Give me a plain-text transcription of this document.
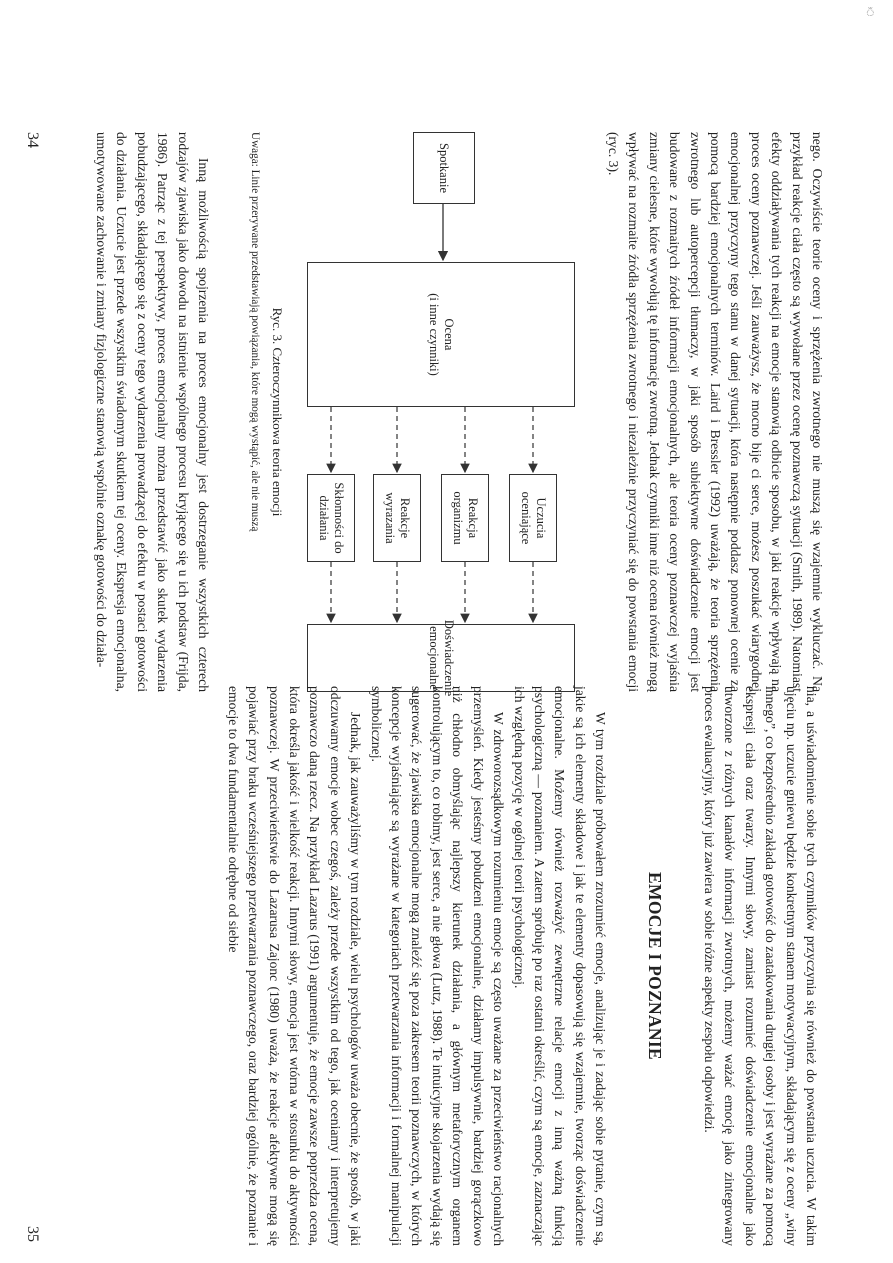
ঁ

nego. Oczywiście teorie oceny i sprzężenia zwrotnego nie muszą się wzajemnie wykluczać. Na przykład reakcje ciała często są wywołane przez ocenę poznawczą sytuacji (Smith, 1989). Natomiast efekty oddziaływania tych reakcji na emocje stanowią odbicie sposobu, w jaki reakcje wpływają na proces oceny poznawczej. Jeśli zauważysz, że mocno bije ci serce, możesz poszukać wiarygodnej emocjonalnej przyczyny tego stanu w danej sytuacji, która następnie poddasz ponownej ocenie za pomocą bardziej emocjonalnych terminów. Laird i Bressler (1992) uważają, że teoria sprzężenia zwrotnego lub autopercepcji tłumaczy, w jaki sposób subiektywne doświadczenie emocji jest budowane z rozmaitych źródeł informacji emocjonalnych, ale teoria oceny poznawczej wyjaśnia zmiany cielesne, które wywołują tę informację zwrotną. Jednak czynniki inne niż ocena również mogą wpływać na rozmaite źródła sprzężenia zwrotnego i niezależnie przyczyniać się do powstania emocji (ryc. 3).

Spotkanie
Ocena
(i inne czynniki)
Uczucia
oceniające
Reakcja
organizmu
Reakcje
wyrazania
Skłonności do
działania
Doświadczenie
emocjonalne
Ryc. 3. Czteroczynnikowa teoria emocji
Uwaga: Linie przerywane przedstawiają powiązania, które mogą wystąpić, ale nie muszą

Inną możliwością spojrzenia na proces emocjonalny jest dostrzeganie wszystkich czterech rodzajów zjawiska jako dowodu na istnienie wspólnego procesu kryjącego się u ich podstaw (Frijda, 1986). Patrząc z tej perspektywy, proces emocjonalny można przedstawić jako skutek wydarzenia pobudzającego, składającego się z oceny tego wydarzenia prowadzącej do efektu w postaci gotowości do działania. Uczucie jest przede wszystkim świadomym skutkiem tej oceny. Ekspresja emocjonalna, umotywowane zachowanie i zmiany fizjologiczne stanowią wspólnie oznakę gotowości do działa-

34

nia, a uświadomienie sobie tych czynników przyczynia się również do powstania uczucia. W takim ujęciu np. uczucie gniewu będzie konkretnym stanem motywacyjnym, składającym się z oceny „winy innego”, co bezpośrednio zakłada gotowość do zaatakowania drugiej osoby i jest wyrażane za pomocą ekspresji ciała oraz twarzy. Innymi słowy, zamiast rozumieć doświadczenie emocjonalne jako utworzone z różnych kanałów informacji zwrotnych, możemy ważać emocję jako zintegrowany proces ewaluacyjny, który już zawiera w sobie różne aspekty zespołu odpowiedzi.

EMOCJE I POZNANIE

W tym rozdziale próbowałem zrozumieć emocje, analizując je i zadając sobie pytanie, czym są, jakie są ich elementy składowe i jak te elementy dopasowują się wzajemnie, tworząc doświadczenie emocjonalne. Możemy również rozważyć zewnętrzne relacje emocji z inną ważną funkcją psychologiczną — poznaniem. A zatem spróbuję po raz ostatni określić, czym są emocje, zaznaczając ich względną pozycję w ogólnej teorii psychologicznej.

W zdroworozsądkowym rozumieniu emocje są często uważane za przeciwieństwo racjonalnych przemyśleń. Kiedy jesteśmy pobudzeni emocjonalnie, działamy impulsywnie, bardziej gorączkowo niż chłodno obmyślając najlepszy kierunek działania, a głównym metaforycznym organem kontrolującym to, co robimy, jest serce, a nie głowa (Lutz, 1988). Te intuicyjne skojarzenia wydają się sugerować, że zjawiska emocjonalne mogą znaleźć się poza zakresem teorii poznawczych, w których koncepcje wyjaśniające są wyrażane w kategoriach przetwarzania informacji i formalnej manipulacji symbolicznej.

Jednak, jak zauważyliśmy w tym rozdziale, wielu psychologów uważa obecnie, że sposób, w jaki odczuwamy emocje wobec czegoś, zależy przede wszystkim od tego, jak oceniamy i interpretujemy poznawczo daną rzecz. Na przykład Lazarus (1991) argumentuje, że emocje zawsze poprzedza ocena, która określa jakość i wielkość reakcji. Innymi słowy, emocja jest wtórna w stosunku do aktywności poznawczej. W przeciwieństwie do Lazarusa Zajonc (1980) uważa, że reakcje afektywne mogą się pojawiać przy braku wcześniejszego przetwarzania poznawczego, oraz bardziej ogólnie, że poznanie i emocje to dwa fundamentalnie odrębne od siebie

35
